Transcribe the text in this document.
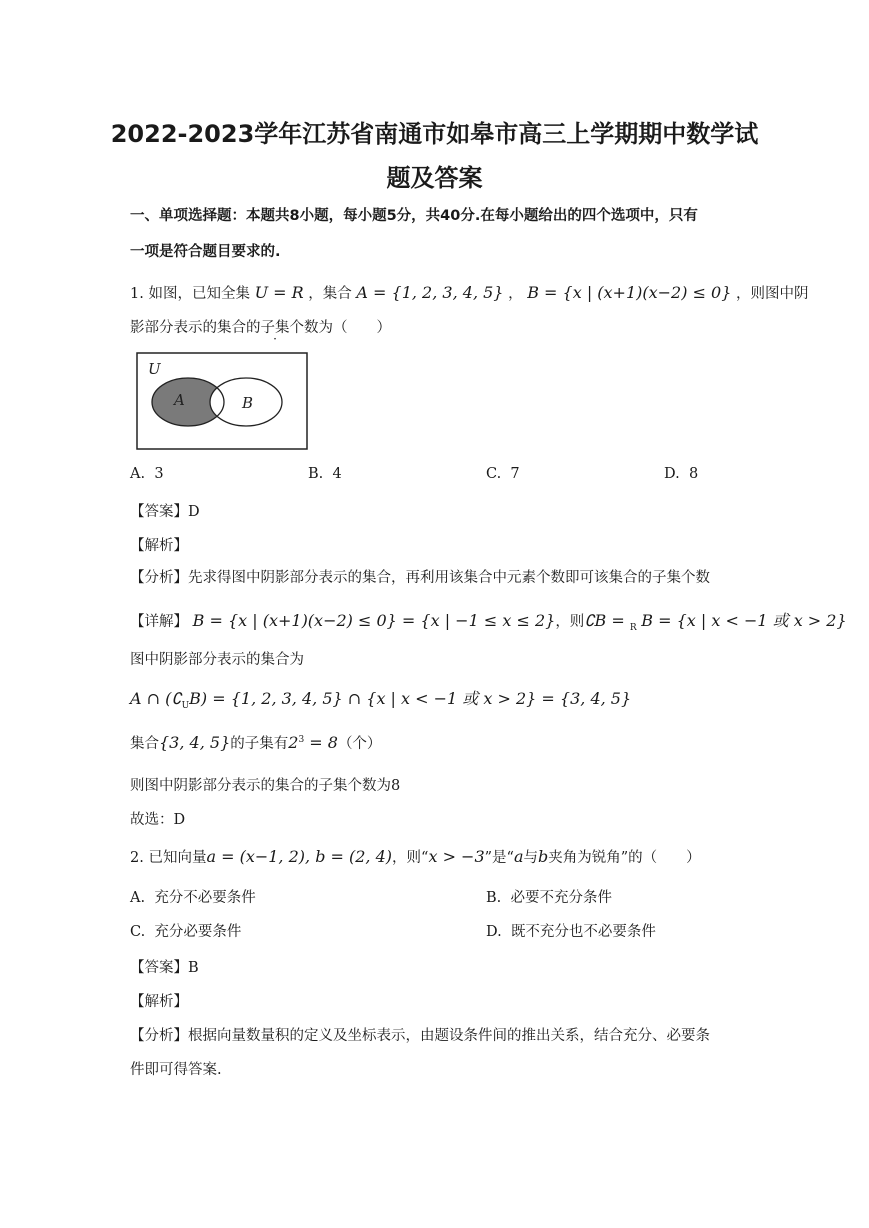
2022-2023学年江苏省南通市如皋市高三上学期期中数学试
题及答案
一、单项选择题：本题共8小题，每小题5分，共40分.在每小题给出的四个选项中，只有
一项是符合题目要求的.
1. 如图，已知全集 U = R ，集合 A = {1, 2, 3, 4, 5} ， B = {x | (x+1)(x−2) ≤ 0} ，则图中阴
影部分表示的集合的子集个数为（　　）
U
A	B
A. 3	B. 4	C. 7	D. 8
【答案】D
【解析】
【分析】先求得图中阴影部分表示的集合，再利用该集合中元素个数即可该集合的子集个数
【详解】 B = {x | (x+1)(x−2) ≤ 0} = {x | −1 ≤ x ≤ 2}，则∁B = $_R$ B = {x | x < −1 或 x > 2}
图中阴影部分表示的集合为
A ∩ $(∁_UB) = \{1$, 2, 3, 4, 5} ∩ {x | x < −1 或 x > 2} = {3, 4, 5}
集合{3, 4, 5}的子集有$2^3 = 8$（个）
则图中阴影部分表示的集合的子集个数为8
故选：D
2. 已知向量a = (x−1, 2), b = (2, 4)，则“x > −3”是“a与b夹角为锐角”的（　　）
A. 充分不必要条件	B. 必要不充分条件
C. 充分必要条件	D. 既不充分也不必要条件
【答案】B
【解析】
【分析】根据向量数量积的定义及坐标表示，由题设条件间的推出关系，结合充分、必要条
件即可得答案.
